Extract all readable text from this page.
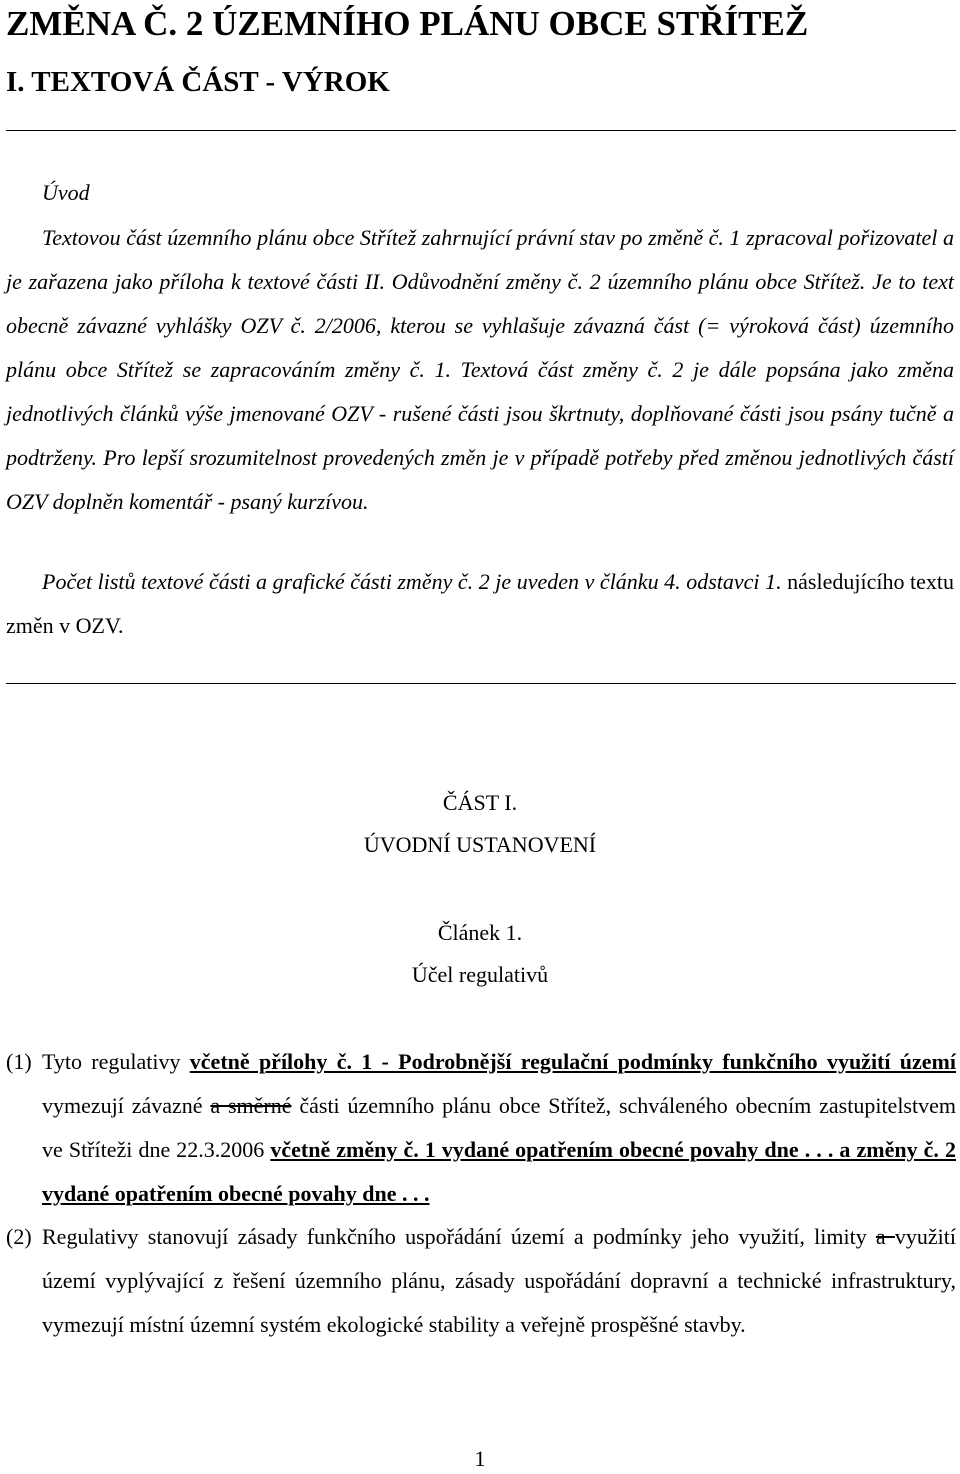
ZMĚNA Č. 2 ÚZEMNÍHO PLÁNU OBCE STŘÍTEŽ
I. TEXTOVÁ ČÁST - VÝROK
Úvod
Textovou část územního plánu obce Střítež zahrnující právní stav po změně č. 1 zpracoval pořizovatel a je zařazena jako příloha k textové části II. Odůvodnění změny č. 2 územního plánu obce Střítež. Je to text obecně závazné vyhlášky OZV č. 2/2006, kterou se vyhlašuje závazná část (= výroková část) územního plánu obce Střítež se zapracováním změny č. 1. Textová část změny č. 2 je dále popsána jako změna jednotlivých článků výše jmenované OZV - rušené části jsou škrtnuty, doplňované části jsou psány tučně a podtrženy. Pro lepší srozumitelnost provedených změn je v případě potřeby před změnou jednotlivých částí OZV doplněn komentář - psaný kurzívou.
Počet listů textové části a grafické části změny č. 2 je uveden v článku 4. odstavci 1. následujícího textu změn v OZV.
ČÁST I.
ÚVODNÍ USTANOVENÍ
Článek 1.
Účel regulativů
(1) Tyto regulativy včetně přílohy č. 1 - Podrobnější regulační podmínky funkčního využití území vymezují závazné a směrné části územního plánu obce Střítež, schváleného obecním zastupitelstvem ve Stříteži dne 22.3.2006 včetně změny č. 1 vydané opatřením obecné povahy dne . . . a změny č. 2 vydané opatřením obecné povahy dne . . .
(2) Regulativy stanovují zásady funkčního uspořádání území a podmínky jeho využití, limity a využití území vyplývající z řešení územního plánu, zásady uspořádání dopravní a technické infrastruktury, vymezují místní územní systém ekologické stability a veřejně prospěšné stavby.
1
